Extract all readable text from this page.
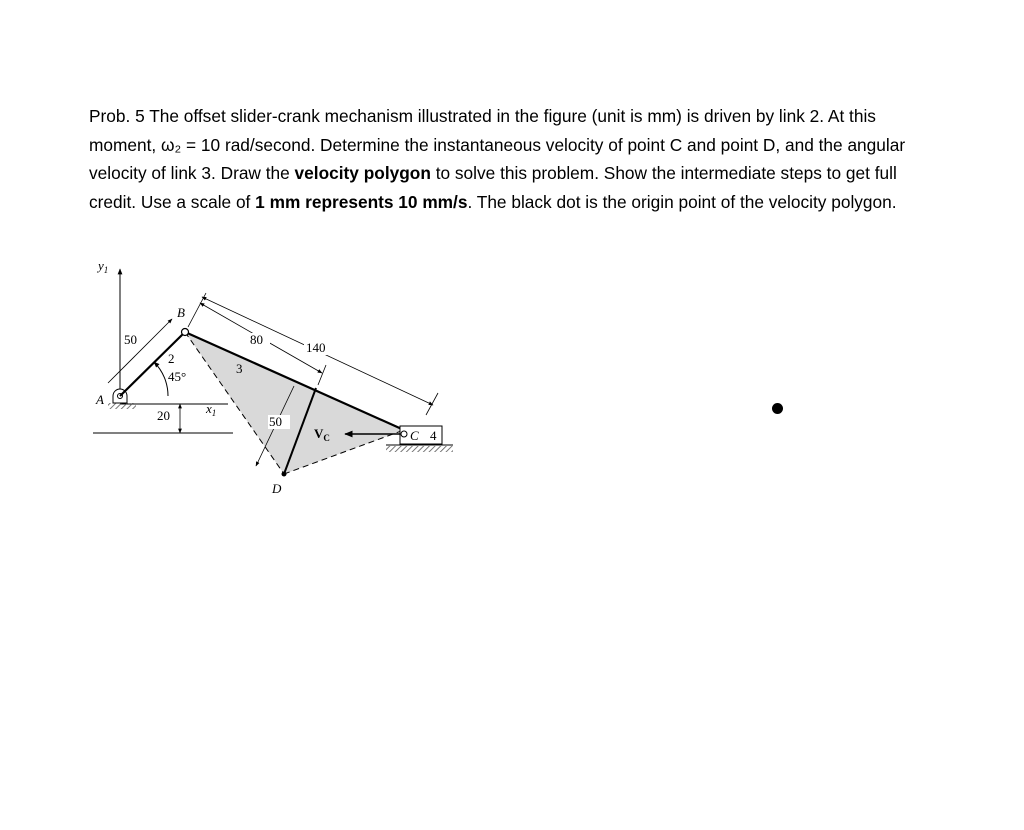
Prob. 5 The offset slider-crank mechanism illustrated in the figure (unit is mm) is driven by link 2. At this moment, ω₂ = 10 rad/second. Determine the instantaneous velocity of point C and point D, and the angular velocity of link 3. Draw the velocity polygon to solve this problem. Show the intermediate steps to get full credit. Use a scale of 1 mm represents 10 mm/s. The black dot is the origin point of the velocity polygon.

$y_1$
$x_1$
A
B
2
3
45°
50
20
80
140
50
D
C 4
$V_C$
